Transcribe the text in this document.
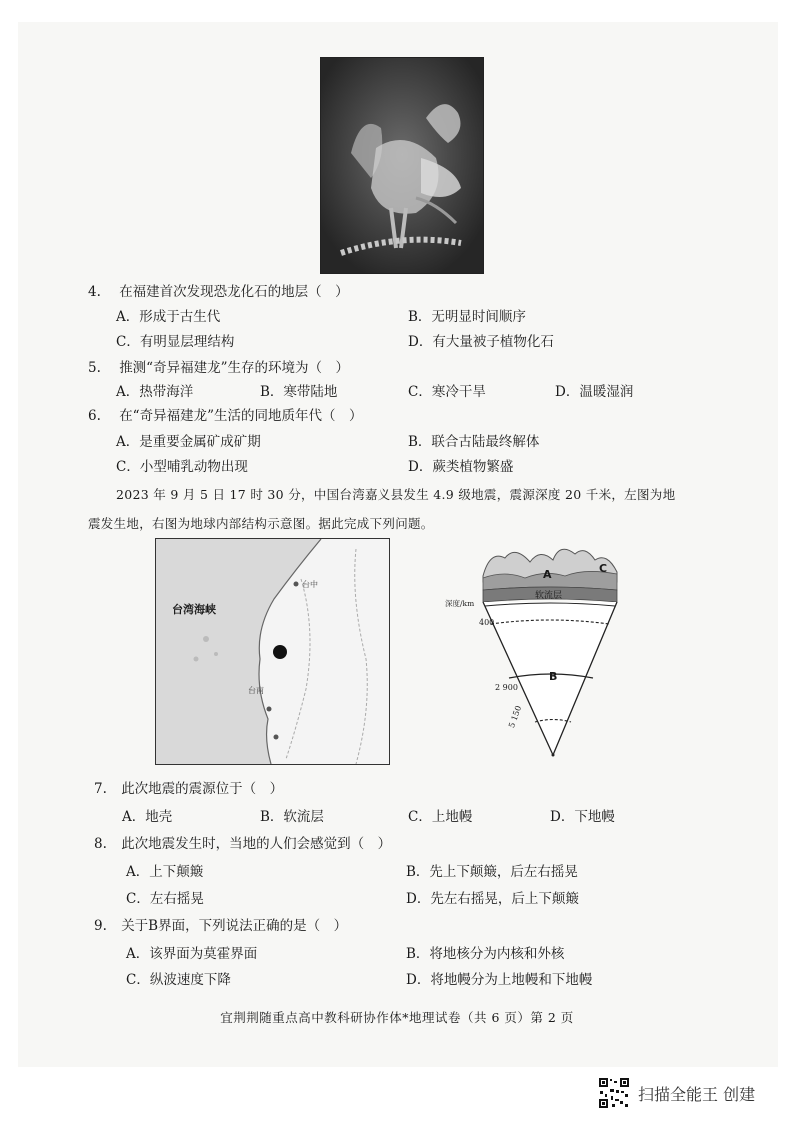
4. 在福建首次发现恐龙化石的地层（　）
A．形成于古生代	B．无明显时间顺序
C．有明显层理结构	D．有大量被子植物化石
5. 推测“奇异福建龙”生存的环境为（　）
A．热带海洋	B．寒带陆地	C．寒冷干旱	D．温暖湿润
6. 在“奇异福建龙”生活的同地质年代（　）
A．是重要金属矿成矿期	B．联合古陆最终解体
C．小型哺乳动物出现	D．蕨类植物繁盛

2023 年 9 月 5 日 17 时 30 分，中国台湾嘉义县发生 4.9 级地震，震源深度 20 千米，左图为地

震发生地，右图为地球内部结构示意图。据此完成下列问题。

台湾海峡
台中
台南
A	C
B
软流层
深度/km
400
2 900
5 150
7. 此次地震的震源位于（　）
A．地壳	B．软流层	C．上地幔	D．下地幔
8. 此次地震发生时，当地的人们会感觉到（　）
A．上下颠簸	B．先上下颠簸，后左右摇晃
C．左右摇晃	D．先左右摇晃，后上下颠簸
9. 关于B界面，下列说法正确的是（　）
A．该界面为莫霍界面	B．将地核分为内核和外核
C．纵波速度下降	D．将地幔分为上地幔和下地幔
宜荆荆随重点高中教科研协作体*地理试卷（共 6 页）第 2 页
扫描全能王 创建
